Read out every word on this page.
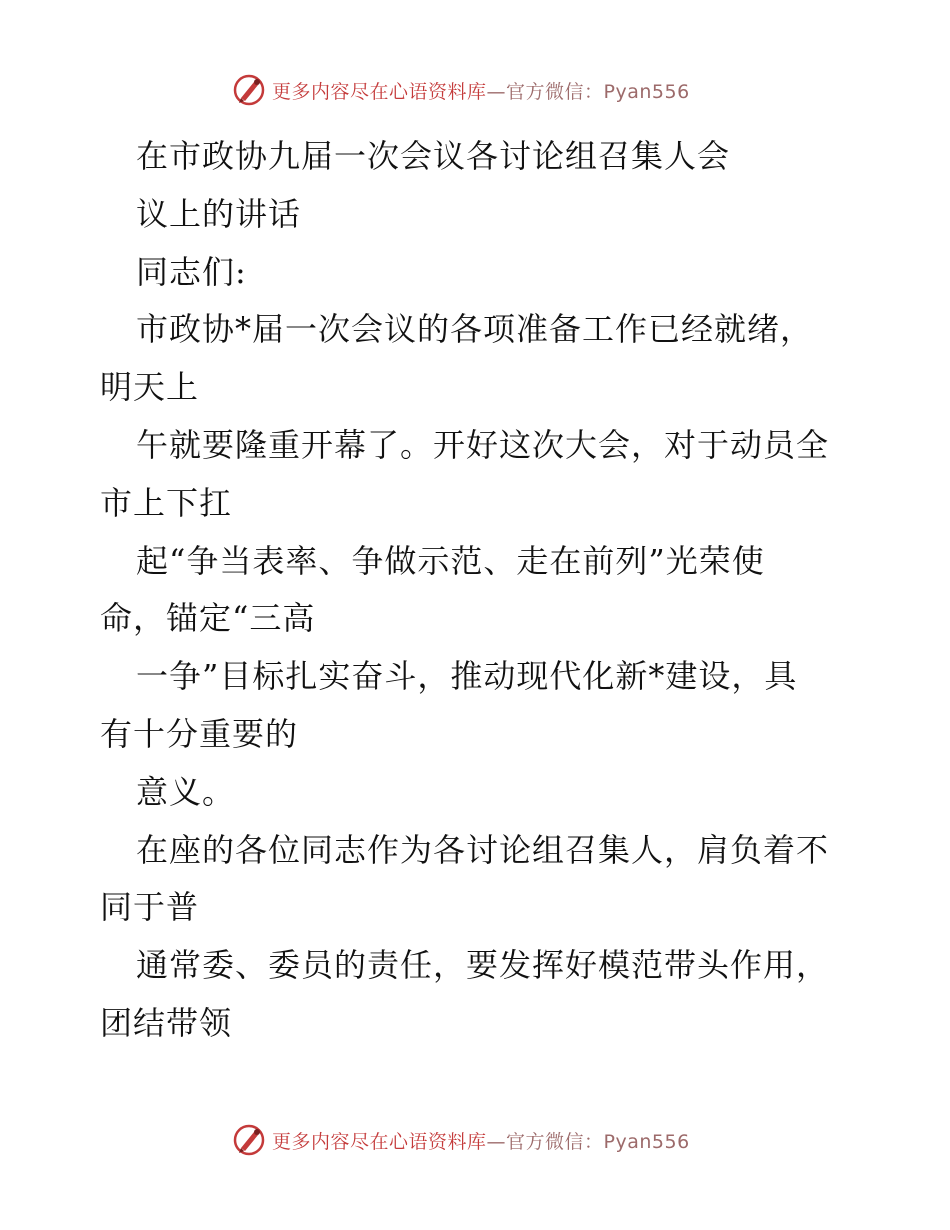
更多内容尽在心语资料库—官方微信：Pyan556
在市政协九届一次会议各讨论组召集人会
议上的讲话
同志们:
市政协*届一次会议的各项准备工作已经就绪，
明天上
午就要隆重开幕了。开好这次大会，对于动员全
市上下扛
起“争当表率、争做示范、走在前列”光荣使
命，锚定“三高
一争”目标扎实奋斗，推动现代化新*建设，具
有十分重要的
意义。
在座的各位同志作为各讨论组召集人，肩负着不
同于普
通常委、委员的责任，要发挥好模范带头作用，
团结带领
更多内容尽在心语资料库—官方微信：Pyan556
